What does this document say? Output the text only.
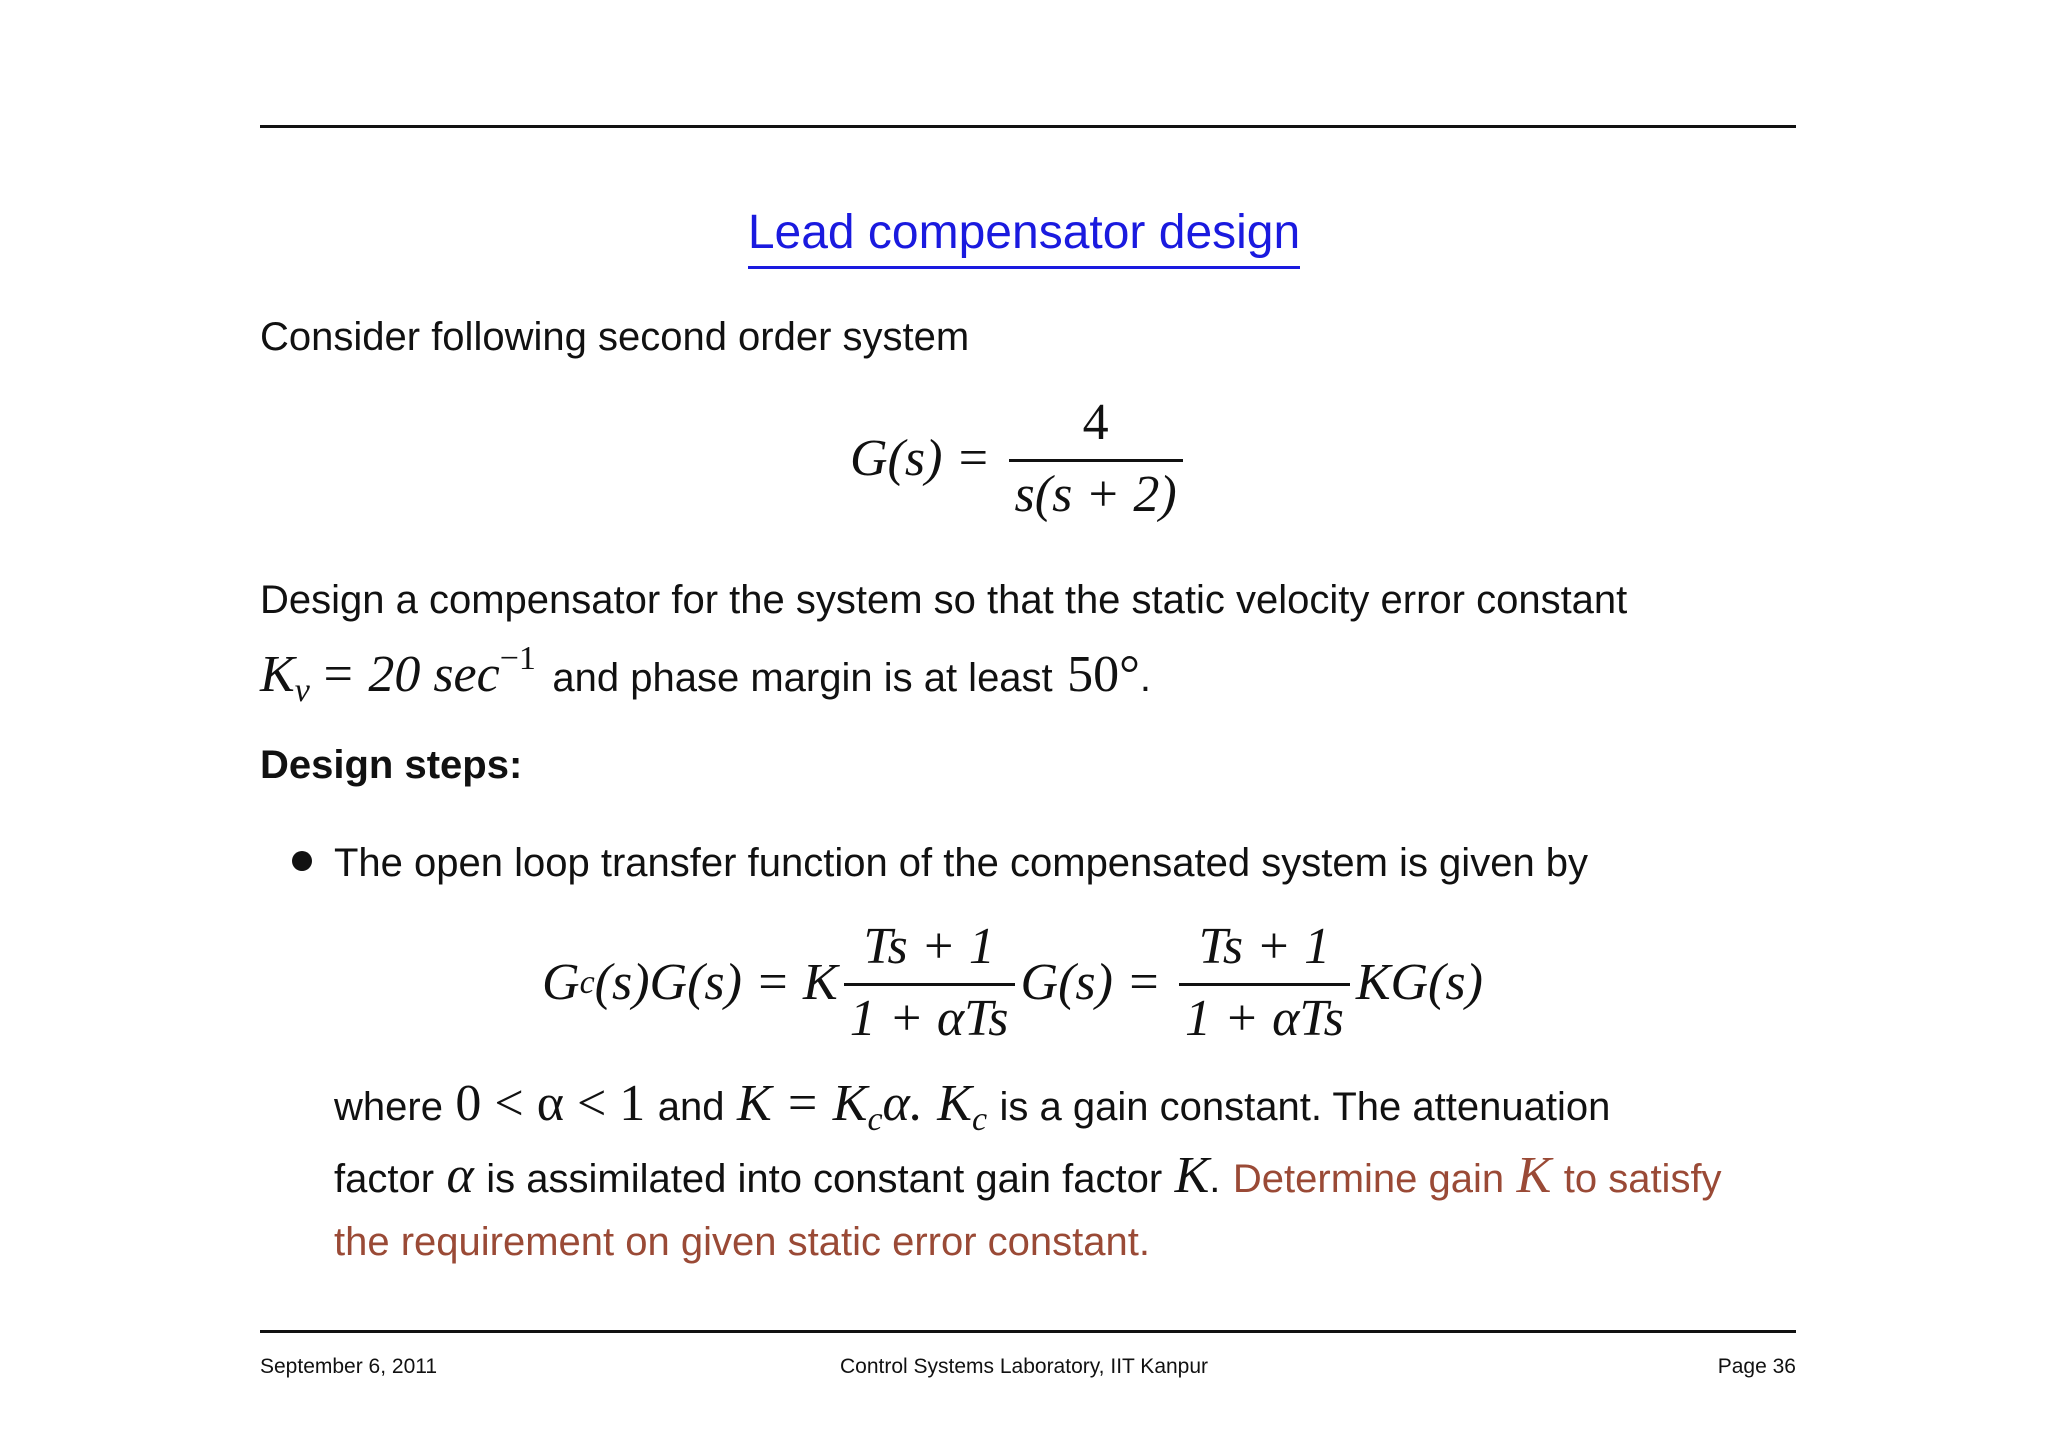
Lead compensator design
Consider following second order system
$G(s) = \frac{4}{s(s + 2)}$
Design a compensator for the system so that the static velocity error constant
Kv = 20 sec−1 and phase margin is at least 50°.
Design steps:
The open loop transfer function of the compensated system is given by
G c (s)G(s) = K $\frac{Ts + 1}{\text{1 + αTs}} G(s) = \frac{Ts + 1}{\text{1 + αTs}} KG(s)$
where 0 < α < 1 and K = Kcα. Kc is a gain constant. The attenuation
factor α is assimilated into constant gain factor K. Determine gain K to satisfy
the requirement on given static error constant.
September 6, 2011	Control Systems Laboratory, IIT Kanpur	Page 36
